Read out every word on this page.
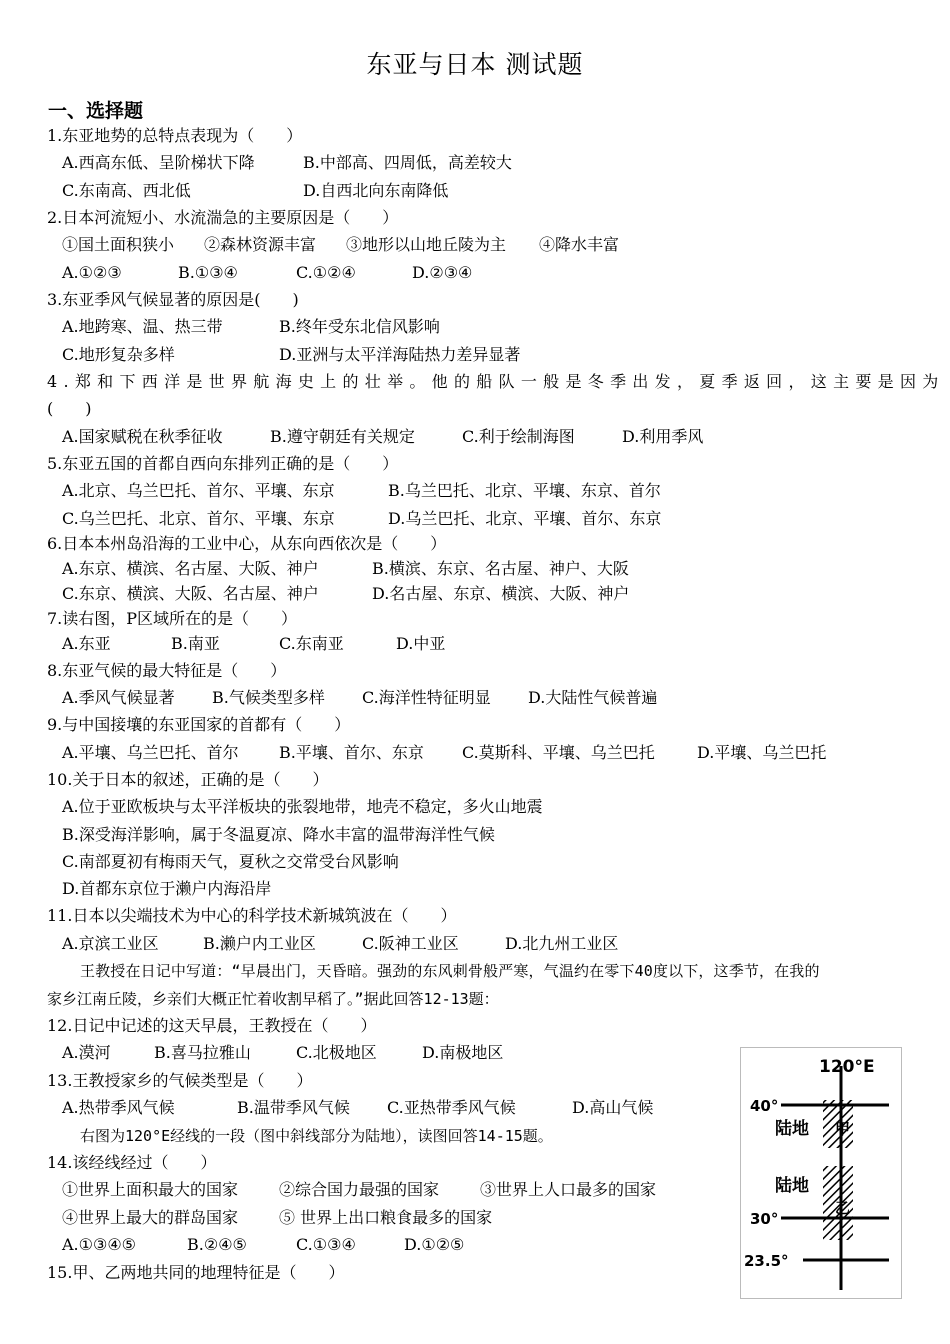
东亚与日本 测试题
一、选择题
1.东亚地势的总特点表现为（　　）
A.西高东低、呈阶梯状下降	B.中部高、四周低，高差较大
C.东南高、西北低	D.自西北向东南降低
2.日本河流短小、水流湍急的主要原因是（　　）
①国土面积狭小 ②森林资源丰富 ③地形以山地丘陵为主 ④降水丰富
A.①②③	B.①③④	C.①②④	D.②③④
3.东亚季风气候显著的原因是(　　)
A.地跨寒、温、热三带	B.终年受东北信风影响
C.地形复杂多样	D.亚洲与太平洋海陆热力差异显著
4.郑和下西洋是世界航海史上的壮举。他的船队一般是冬季出发，夏季返回，这主要是因为
(　　)
A.国家赋税在秋季征收	B.遵守朝廷有关规定	C.利于绘制海图	D.利用季风
5.东亚五国的首都自西向东排列正确的是（　　）
A.北京、乌兰巴托、首尔、平壤、东京	B.乌兰巴托、北京、平壤、东京、首尔
C.乌兰巴托、北京、首尔、平壤、东京	D.乌兰巴托、北京、平壤、首尔、东京
6.日本本州岛沿海的工业中心，从东向西依次是（　　）
A.东京、横滨、名古屋、大阪、神户	B.横滨、东京、名古屋、神户、大阪
C.东京、横滨、大阪、名古屋、神户	D.名古屋、东京、横滨、大阪、神户
7.读右图，P区域所在的是（　　）
A.东亚	B.南亚	C.东南亚	D.中亚
8.东亚气候的最大特征是（　　）
A.季风气候显著 B.气候类型多样 C.海洋性特征明显 D.大陆性气候普遍
9.与中国接壤的东亚国家的首都有（　　）
A.平壤、乌兰巴托、首尔	B.平壤、首尔、东京 C.莫斯科、平壤、乌兰巴托	D.平壤、乌兰巴托
10.关于日本的叙述，正确的是（　　）
A.位于亚欧板块与太平洋板块的张裂地带，地壳不稳定，多火山地震
B.深受海洋影响，属于冬温夏凉、降水丰富的温带海洋性气候
C.南部夏初有梅雨天气，夏秋之交常受台风影响
D.首都东京位于濑户内海沿岸
11.日本以尖端技术为中心的科学技术新城筑波在（　　）
A.京滨工业区	B.濑户内工业区	C.阪神工业区	D.北九州工业区
王教授在日记中写道：“早晨出门，天昏暗。强劲的东风刺骨般严寒，气温约在零下40度以下，这季节，在我的
家乡江南丘陵，乡亲们大概正忙着收割早稻了。”据此回答12-13题：
12.日记中记述的这天早晨，王教授在（　　）
A.漠河	B.喜马拉雅山	C.北极地区	D.南极地区
13.王教授家乡的气候类型是（　　）
A.热带季风气候	B.温带季风气候 C.亚热带季风气候	D.高山气候
右图为120°E经线的一段（图中斜线部分为陆地），读图回答14-15题。
14.该经线经过（　　）
①世界上面积最大的国家	②综合国力最强的国家	③世界上人口最多的国家
④世界上最大的群岛国家	⑤ 世界上出口粮食最多的国家
A.①③④⑤	B.②④⑤	C.①③④	D.①②⑤
15.甲、乙两地共同的地理特征是（　　）
120°E
40°
陆地 甲
陆地
乙
30°
23.5°
